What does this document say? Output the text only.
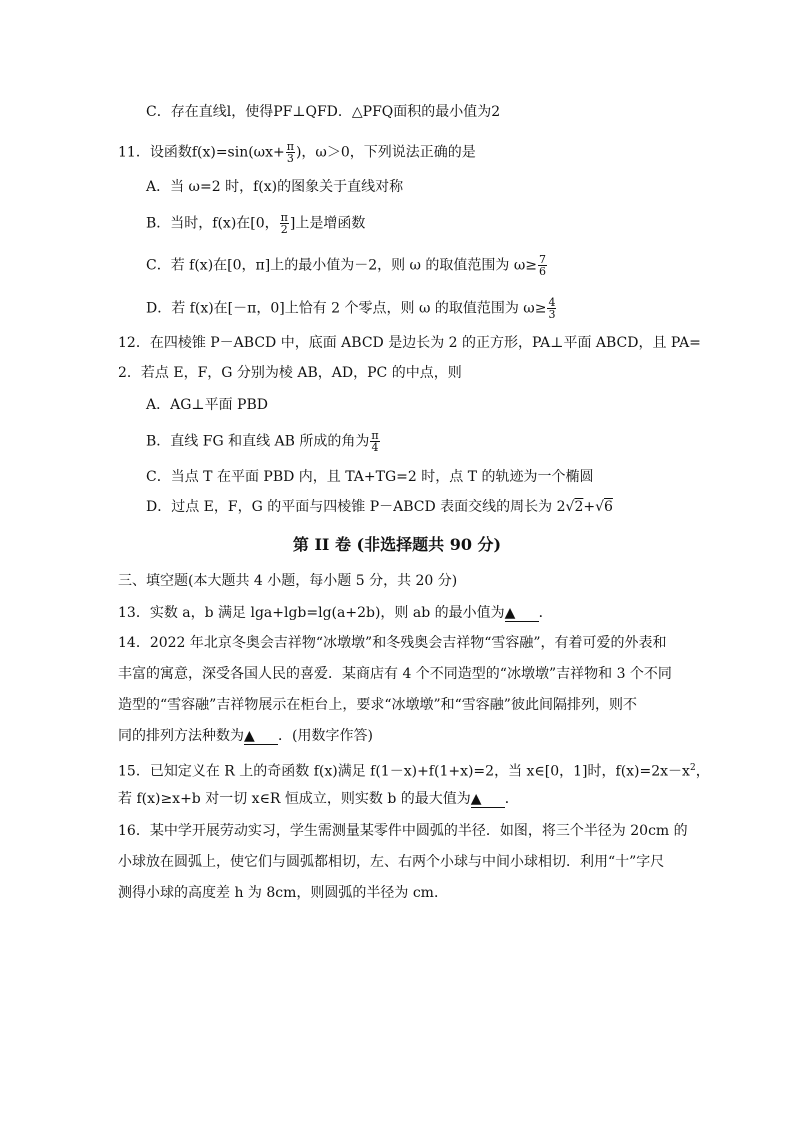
C．存在直线l，使得PF⊥QFD．△PFQ面积的最小值为2
11．设函数$f(x)=\sin(\omega x+ \frac{\pi}{3}$ )，ω＞0，下列说法正确的是
A．当 ω=2 时，f(x)的图象关于直线对称
B．当时，f(x)在[0， $\frac{\pi}{2}$ ]上是增函数
C．若 f(x)在[0，π]上的最小值为－2，则 ω 的取值范围为 $\omega\ge \frac{7}{6}$
D．若 f(x)在[－π，0]上恰有 2 个零点，则 ω 的取值范围为 $\omega\ge \frac{4}{3}$
12．在四棱锥 P－ABCD 中，底面 ABCD 是边长为 2 的正方形，PA⊥平面 ABCD，且 PA=
2．若点 E，F，G 分别为棱 AB，AD，PC 的中点，则
A．AG⊥平面 PBD
B．直线 FG 和直线 AB 所成的角为 $\frac{\pi}{4}$
C．当点 T 在平面 PBD 内，且 TA+TG=2 时，点 T 的轨迹为一个椭圆
D．过点 E，F，G 的平面与四棱锥 P－ABCD 表面交线的周长为 2√2+√6
第 II 卷 (非选择题共 90 分)
三、填空题(本大题共 4 小题，每小题 5 分，共 20 分)
13．实数 a，b 满足 lga+lgb=lg(a+2b)，则 ab 的最小值为▲ ．
14．2022 年北京冬奥会吉祥物“冰墩墩”和冬残奥会吉祥物“雪容融”，有着可爱的外表和
丰富的寓意，深受各国人民的喜爱．某商店有 4 个不同造型的“冰墩墩”吉祥物和 3 个不同
造型的“雪容融”吉祥物展示在柜台上，要求“冰墩墩”和“雪容融”彼此间隔排列，则不
同的排列方法种数为▲ ．(用数字作答)
15．已知定义在 R 上的奇函数 f(x)满足 f(1－x)+f(1+x)=2，当 x∈[0，1]时，$f(x)=2x-x^2$，
若 f(x)≥x+b 对一切 x∈R 恒成立，则实数 b 的最大值为▲ ．
16．某中学开展劳动实习，学生需测量某零件中圆弧的半径．如图，将三个半径为 20cm 的
小球放在圆弧上，使它们与圆弧都相切，左、右两个小球与中间小球相切．利用“十”字尺
测得小球的高度差 h 为 8cm，则圆弧的半径为 cm．
